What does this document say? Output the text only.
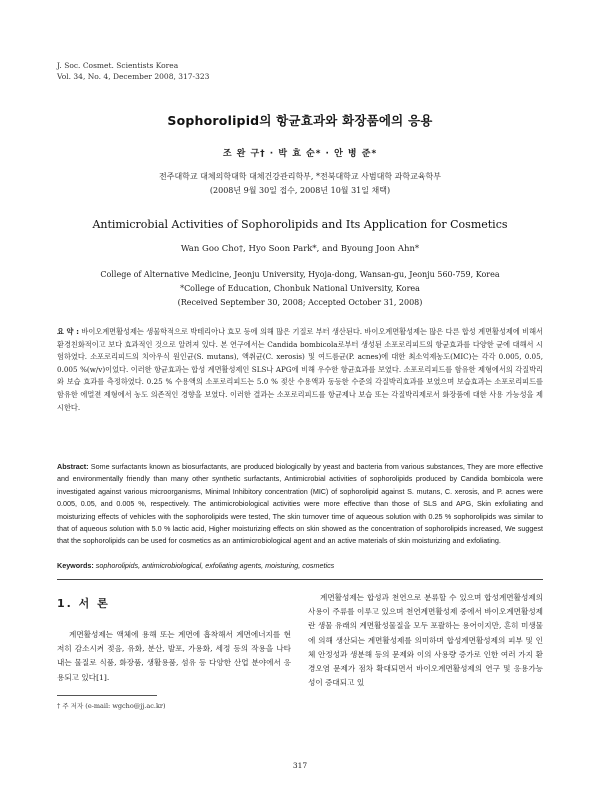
J. Soc. Cosmet. Scientists Korea
Vol. 34, No. 4, December 2008, 317-323
Sophorolipid의 항균효과와 화장품에의 응용
조 완 구† · 박 효 순* · 안 병 준*
전주대학교 대체의학대학 대체건강관리학부, *전북대학교 사범대학 과학교육학부
(2008년 9월 30일 접수, 2008년 10월 31일 채택)
Antimicrobial Activities of Sophorolipids and Its Application for Cosmetics
Wan Goo Cho†, Hyo Soon Park*, and Byoung Joon Ahn*
College of Alternative Medicine, Jeonju University, Hyoja-dong, Wansan-gu, Jeonju 560-759, Korea
*College of Education, Chonbuk National University, Korea
(Received September 30, 2008; Accepted October 31, 2008)
요 약 : 바이오계면활성제는 생물학적으로 박테리아나 효모 등에 의해 많은 기질로 부터 생산된다. 바이오계면활성제는 많은 다른 합성 계면활성제에 비해서 환경친화적이고 보다 효과적인 것으로 알려져 있다. 본 연구에서는 Candida bombicola로부터 생성된 소포로리피드의 항균효과를 다양한 균에 대해서 시험하였다. 소포로리피드의 치아우식 원인균(S. mutans), 액취균(C. xerosis) 및 여드름균(P. acnes)에 대한 최소억제농도(MIC)는 각각 0.005, 0.05, 0.005 %(w/v)이었다. 이러한 항균효과는 합성 계면활성제인 SLS나 APG에 비해 우수한 항균효과를 보였다. 소포로리피드를 함유한 제형에서의 각질박리와 보습 효과를 측정하였다. 0.25 % 수용액의 소포로리피드는 5.0 % 젖산 수용액과 동등한 수준의 각질박리효과를 보였으며 보습효과는 소포로리피드를 함유한 에멀젼 제형에서 농도 의존적인 경향을 보였다. 이러한 결과는 소포로리피드를 항균제나 보습 또는 각질박리제로서 화장품에 대한 사용 가능성을 제시한다.
Abstract: Some surfactants known as biosurfactants, are produced biologically by yeast and bacteria from various substances, They are more effective and environmentally friendly than many other synthetic surfactants, Antimicrobial activities of sophorolipids produced by Candida bombicola were investigated against various microorganisms, Minimal Inhibitory concentration (MIC) of sophorolipid against S. mutans, C. xerosis, and P. acnes were 0.005, 0.05, and 0.005 %, respectively. The antimicrobiological activities were more effective than those of SLS and APG, Skin exfoliating and moisturizing effects of vehicles with the sophorolipids were tested, The skin turnover time of aqueous solution with 0.25 % sophorolipids was similar to that of aqueous solution with 5.0 % lactic acid, Higher moisturizing effects on skin showed as the concentration of sophorolipids increased, We suggest that the sophorolipids can be used for cosmetics as an antimicrobiological agent and an active materials of skin moisturizing and exfoliating.
Keywords: sophorolipids, antimicrobiological, exfoliating agents, moisturing, cosmetics
1. 서 론
계면활성제는 액체에 용해 또는 계면에 흡착해서 계면에너지를 현저히 감소시켜 젖음, 유화, 분산, 발포, 가용화, 세정 등의 작용을 나타내는 물질로 식품, 화장품, 생활용품, 섬유 등 다양한 산업 분야에서 응용되고 있다[1].
계면활성제는 합성과 천연으로 분류할 수 있으며 합성계면활성제의 사용이 주류를 이루고 있으며 천연계면활성제 중에서 바이오계면활성제란 생물 유래의 계면활성물질을 모두 포괄하는 용어이지만, 흔히 미생물에 의해 생산되는 계면활성제를 의미하며 합성계면활성제의 피부 및 인체 안정성과 생분해 등의 문제와 이의 사용량 증가로 인한 여러 가지 환경오염 문제가 점차 확대되면서 바이오계면활성제의 연구 및 응용가능성이 증대되고 있
† 주 저자 (e-mail: wgcho@jj.ac.kr)
317
